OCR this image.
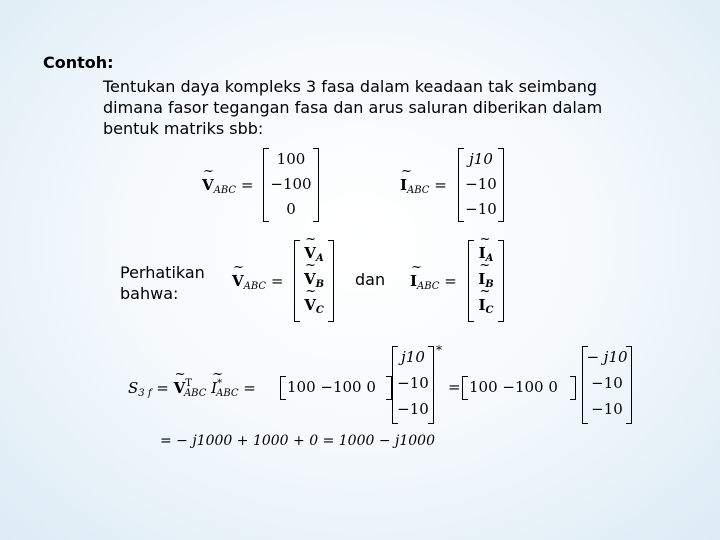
Contoh:
Tentukan daya kompleks 3 fasa dalam keadaan tak seimbang
dimana fasor tegangan fasa dan arus saluran diberikan dalam
bentuk matriks sbb:
~ $V_{ABC}$ =
100
−100
0
~ $I_{ABC}$ =
j10
−10
−10
Perhatikan
bahwa:
~ $V_{ABC}$ =
~ $V_A$
~ $V_B$
~ $V_C$
dan ~ $I_{ABC}$ =
~ $I_A$
~ $I_B$
~ $I_C$
$S_{3 f}$ = ~ $V^T_{ABC}$ ~ $I^*_{ABC} = 100 -100$ 0
j10
−10
−10
*
= 100 −100 0
− j10
−10
−10
= − j1000 + 1000 + 0 = 1000 − j1000
